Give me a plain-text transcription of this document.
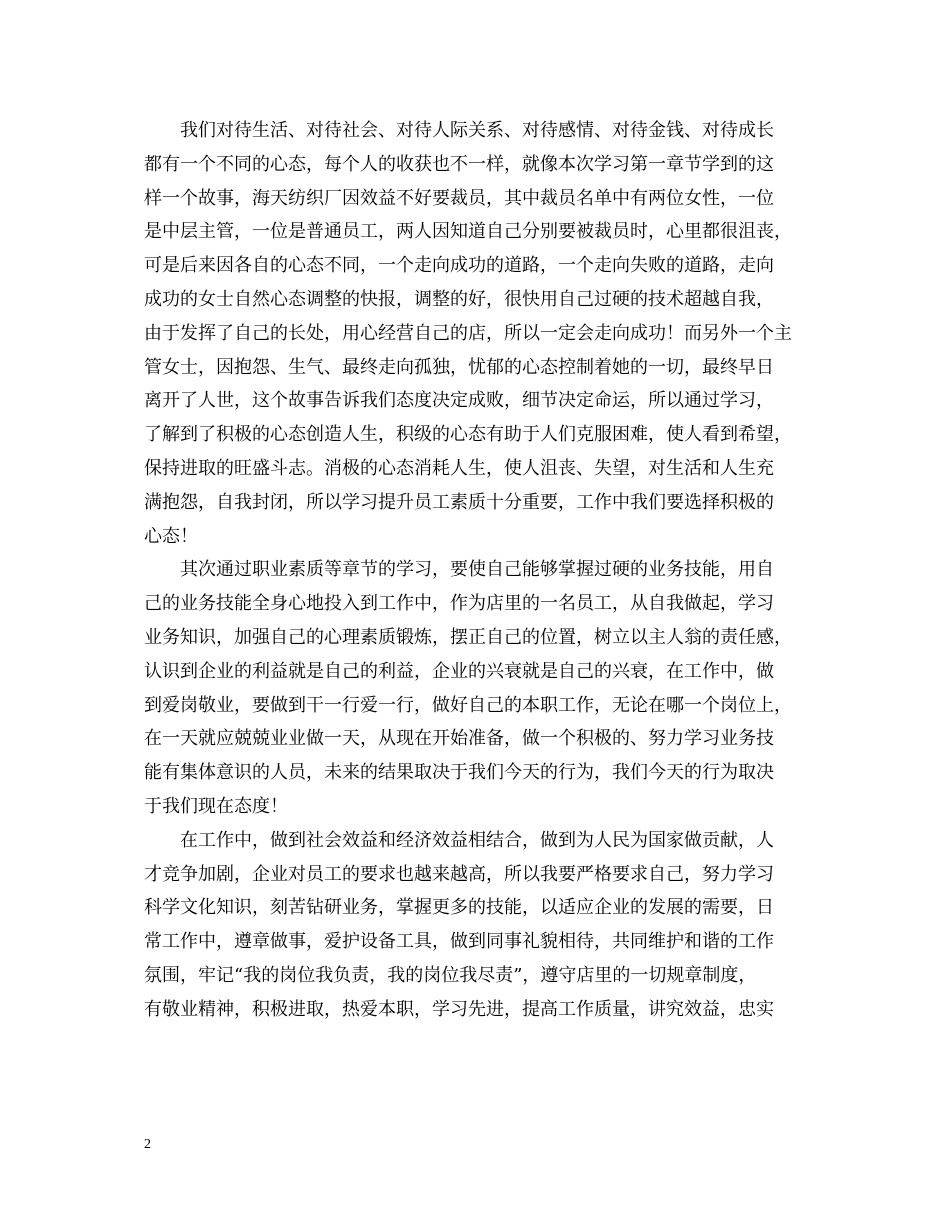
我们对待生活、对待社会、对待人际关系、对待感情、对待金钱、对待成长
都有一个不同的心态，每个人的收获也不一样，就像本次学习第一章节学到的这
样一个故事，海天纺织厂因效益不好要裁员，其中裁员名单中有两位女性，一位
是中层主管，一位是普通员工，两人因知道自己分别要被裁员时，心里都很沮丧，
可是后来因各自的心态不同，一个走向成功的道路，一个走向失败的道路，走向
成功的女士自然心态调整的快报，调整的好，很快用自己过硬的技术超越自我，
由于发挥了自己的长处，用心经营自己的店，所以一定会走向成功！而另外一个主
管女士，因抱怨、生气、最终走向孤独，忧郁的心态控制着她的一切，最终早日
离开了人世，这个故事告诉我们态度决定成败，细节决定命运，所以通过学习，
了解到了积极的心态创造人生，积级的心态有助于人们克服困难，使人看到希望，
保持进取的旺盛斗志。消极的心态消耗人生，使人沮丧、失望，对生活和人生充
满抱怨，自我封闭，所以学习提升员工素质十分重要，工作中我们要选择积极的
心态！
其次通过职业素质等章节的学习，要使自己能够掌握过硬的业务技能，用自
己的业务技能全身心地投入到工作中，作为店里的一名员工，从自我做起，学习
业务知识，加强自己的心理素质锻炼，摆正自己的位置，树立以主人翁的责任感，
认识到企业的利益就是自己的利益，企业的兴衰就是自己的兴衰，在工作中，做
到爱岗敬业，要做到干一行爱一行，做好自己的本职工作，无论在哪一个岗位上，
在一天就应兢兢业业做一天，从现在开始准备，做一个积极的、努力学习业务技
能有集体意识的人员，未来的结果取决于我们今天的行为，我们今天的行为取决
于我们现在态度！
在工作中，做到社会效益和经济效益相结合，做到为人民为国家做贡献，人
才竞争加剧，企业对员工的要求也越来越高，所以我要严格要求自己，努力学习
科学文化知识，刻苦钻研业务，掌握更多的技能，以适应企业的发展的需要，日
常工作中，遵章做事，爱护设备工具，做到同事礼貌相待，共同维护和谐的工作
氛围，牢记“我的岗位我负责，我的岗位我尽责”，遵守店里的一切规章制度，
有敬业精神，积极进取，热爱本职，学习先进，提高工作质量，讲究效益，忠实
2
